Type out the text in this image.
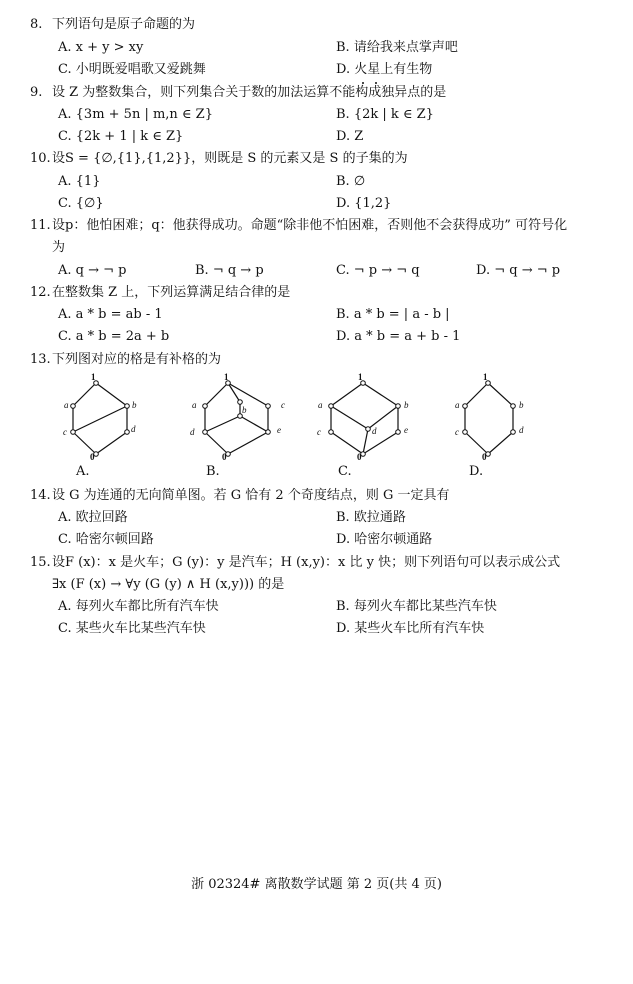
8. 下列语句是原子命题的为
A. x + y > xy	B. 请给我来点掌声吧
C. 小明既爱唱歌又爱跳舞	D. 火星上有生物
9. 设 Z 为整数集合，则下列集合关于数的加法运算不能构成独异点的是
A. {3m + 5n | m,n ∈ Z}	B. {2k | k ∈ Z}
C. {2k + 1 | k ∈ Z}	D. Z
10. 设S = {∅,{1},{1,2}}，则既是 S 的元素又是 S 的子集的为
A. {1}	B. ∅
C. {∅}	D. {1,2}
11. 设p：他怕困难；q：他获得成功。命题“除非他不怕困难，否则他不会获得成功” 可符号化
为
A. q → ¬ p	B. ¬ q → p	C. ¬ p → ¬ q	D. ¬ q → ¬ p
12. 在整数集 Z 上，下列运算满足结合律的是
A. a * b = ab - 1	B. a * b = | a - b |
C. a * b = 2a + b	D. a * b = a + b - 1
13. 下列图对应的格是有补格的为
1
a	b
c	d
0
1
a	b	c
d	e
0
1
a	b
c	d	e
0
1
a	b
c	d
0
A.	B.	C.	D.
14. 设 G 为连通的无向简单图。若 G 恰有 2 个奇度结点，则 G 一定具有
A. 欧拉回路	B. 欧拉通路
C. 哈密尔顿回路	D. 哈密尔顿通路
15. 设F (x)：x 是火车；G (y)：y 是汽车；H (x,y)：x 比 y 快；则下列语句可以表示成公式
∃x (F (x) → ∀y (G (y) ∧ H (x,y))) 的是
A. 每列火车都比所有汽车快	B. 每列火车都比某些汽车快
C. 某些火车比某些汽车快	D. 某些火车比所有汽车快
浙 02324# 离散数学试题 第 2 页(共 4 页)
